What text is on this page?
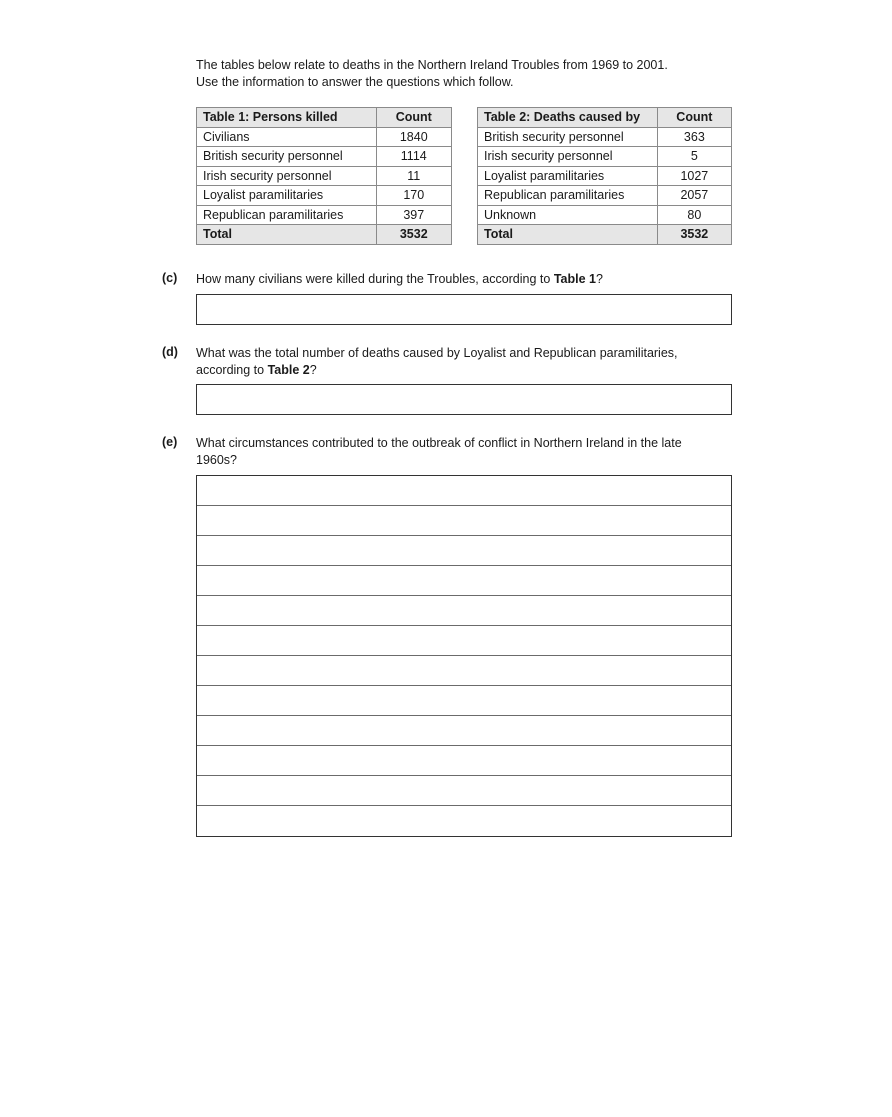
The tables below relate to deaths in the Northern Ireland Troubles from 1969 to 2001.
Use the information to answer the questions which follow.
Table 1: Persons killed	Count
Civilians	1840
British security personnel	1114
Irish security personnel	11
Loyalist paramilitaries	170
Republican paramilitaries	397
Total	3532
Table 2: Deaths caused by	Count
British security personnel	363
Irish security personnel	5
Loyalist paramilitaries	1027
Republican paramilitaries	2057
Unknown	80
Total	3532
(c) How many civilians were killed during the Troubles, according to Table 1?
(d) What was the total number of deaths caused by Loyalist and Republican paramilitaries,
according to Table 2?
(e) What circumstances contributed to the outbreak of conflict in Northern Ireland in the late
1960s?
